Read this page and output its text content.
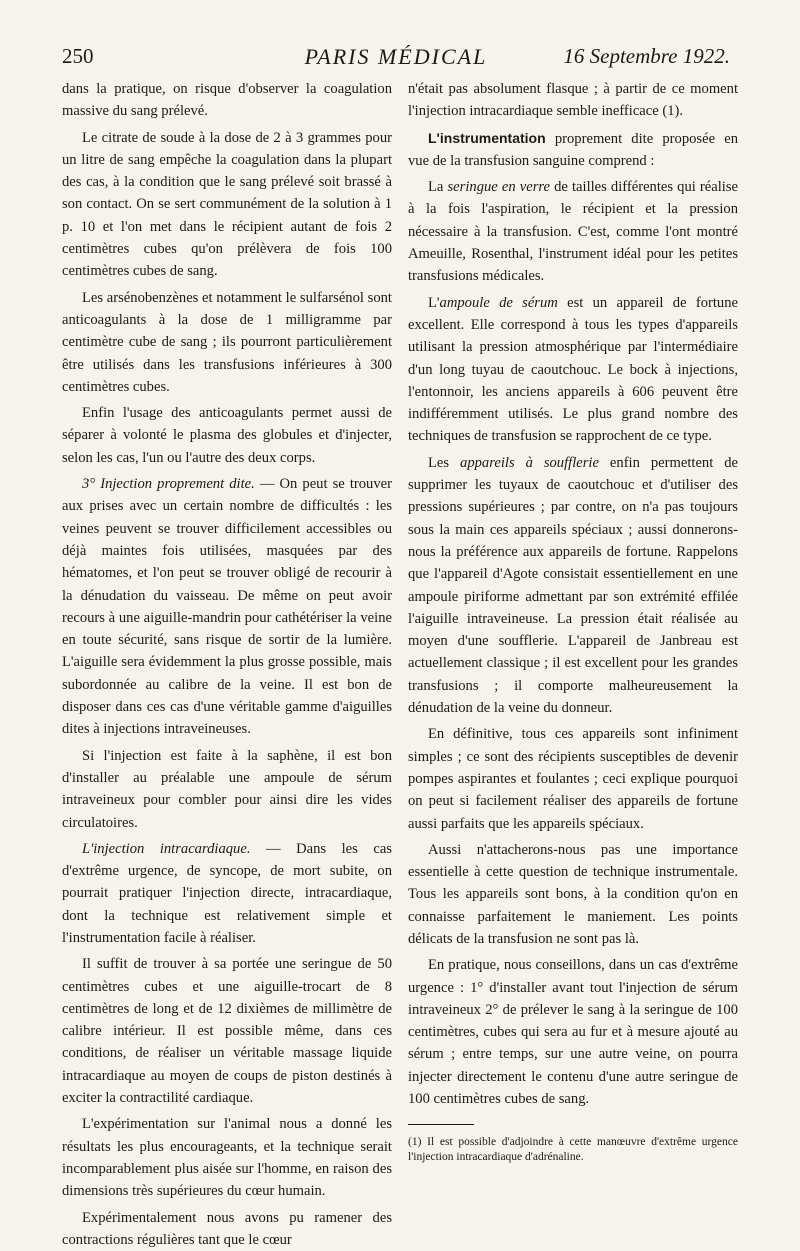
250	PARIS MÉDICAL	16 Septembre 1922.

dans la pratique, on risque d'observer la coagulation massive du sang prélevé.

Le citrate de soude à la dose de 2 à 3 grammes pour un litre de sang empêche la coagulation dans la plupart des cas, à la condition que le sang prélevé soit brassé à son contact. On se sert communément de la solution à 1 p. 10 et l'on met dans le récipient autant de fois 2 centimètres cubes qu'on prélèvera de fois 100 centimètres cubes de sang.

Les arsénobenzènes et notamment le sulfarsénol sont anticoagulants à la dose de 1 milligramme par centimètre cube de sang ; ils pourront particulièrement être utilisés dans les transfusions inférieures à 300 centimètres cubes.

Enfin l'usage des anticoagulants permet aussi de séparer à volonté le plasma des globules et d'injecter, selon les cas, l'un ou l'autre des deux corps.

3° Injection proprement dite. — On peut se trouver aux prises avec un certain nombre de difficultés : les veines peuvent se trouver difficilement accessibles ou déjà maintes fois utilisées, masquées par des hématomes, et l'on peut se trouver obligé de recourir à la dénudation du vaisseau. De même on peut avoir recours à une aiguille-mandrin pour cathétériser la veine en toute sécurité, sans risque de sortir de la lumière. L'aiguille sera évidemment la plus grosse possible, mais subordonnée au calibre de la veine. Il est bon de disposer dans ces cas d'une véritable gamme d'aiguilles dites à injections intraveineuses.

Si l'injection est faite à la saphène, il est bon d'installer au préalable une ampoule de sérum intraveineux pour combler pour ainsi dire les vides circulatoires.

L'injection intracardiaque. — Dans les cas d'extrême urgence, de syncope, de mort subite, on pourrait pratiquer l'injection directe, intracardiaque, dont la technique est relativement simple et l'instrumentation facile à réaliser.

Il suffit de trouver à sa portée une seringue de 50 centimètres cubes et une aiguille-trocart de 8 centimètres de long et de 12 dixièmes de millimètre de calibre intérieur. Il est possible même, dans ces conditions, de réaliser un véritable massage liquide intracardiaque au moyen de coups de piston destinés à exciter la contractilité cardiaque.

L'expérimentation sur l'animal nous a donné les résultats les plus encourageants, et la technique serait incomparablement plus aisée sur l'homme, en raison des dimensions très supérieures du cœur humain.

Expérimentalement nous avons pu ramener des contractions régulières tant que le cœur

n'était pas absolument flasque ; à partir de ce moment l'injection intracardiaque semble inefficace (1).

L'instrumentation proprement dite proposée en vue de la transfusion sanguine comprend :

La seringue en verre de tailles différentes qui réalise à la fois l'aspiration, le récipient et la pression nécessaire à la transfusion. C'est, comme l'ont montré Ameuille, Rosenthal, l'instrument idéal pour les petites transfusions médicales.

L'ampoule de sérum est un appareil de fortune excellent. Elle correspond à tous les types d'appareils utilisant la pression atmosphérique par l'intermédiaire d'un long tuyau de caoutchouc. Le bock à injections, l'entonnoir, les anciens appareils à 606 peuvent être indifféremment utilisés. Le plus grand nombre des techniques de transfusion se rapprochent de ce type.

Les appareils à soufflerie enfin permettent de supprimer les tuyaux de caoutchouc et d'utiliser des pressions supérieures ; par contre, on n'a pas toujours sous la main ces appareils spéciaux ; aussi donnerons-nous la préférence aux appareils de fortune. Rappelons que l'appareil d'Agote consistait essentiellement en une ampoule piriforme admettant par son extrémité effilée l'aiguille intraveineuse. La pression était réalisée au moyen d'une soufflerie. L'appareil de Janbreau est actuellement classique ; il est excellent pour les grandes transfusions ; il comporte malheureusement la dénudation de la veine du donneur.

En définitive, tous ces appareils sont infiniment simples ; ce sont des récipients susceptibles de devenir pompes aspirantes et foulantes ; ceci explique pourquoi on peut si facilement réaliser des appareils de fortune aussi parfaits que les appareils spéciaux.

Aussi n'attacherons-nous pas une importance essentielle à cette question de technique instrumentale. Tous les appareils sont bons, à la condition qu'on en connaisse parfaitement le maniement. Les points délicats de la transfusion ne sont pas là.

En pratique, nous conseillons, dans un cas d'extrême urgence : 1° d'installer avant tout l'injection de sérum intraveineux 2° de prélever le sang à la seringue de 100 centimètres, cubes qui sera au fur et à mesure ajouté au sérum ; entre temps, sur une autre veine, on pourra injecter directement le contenu d'une autre seringue de 100 centimètres cubes de sang.

(1) Il est possible d'adjoindre à cette manœuvre d'extrême urgence l'injection intracardiaque d'adrénaline.
